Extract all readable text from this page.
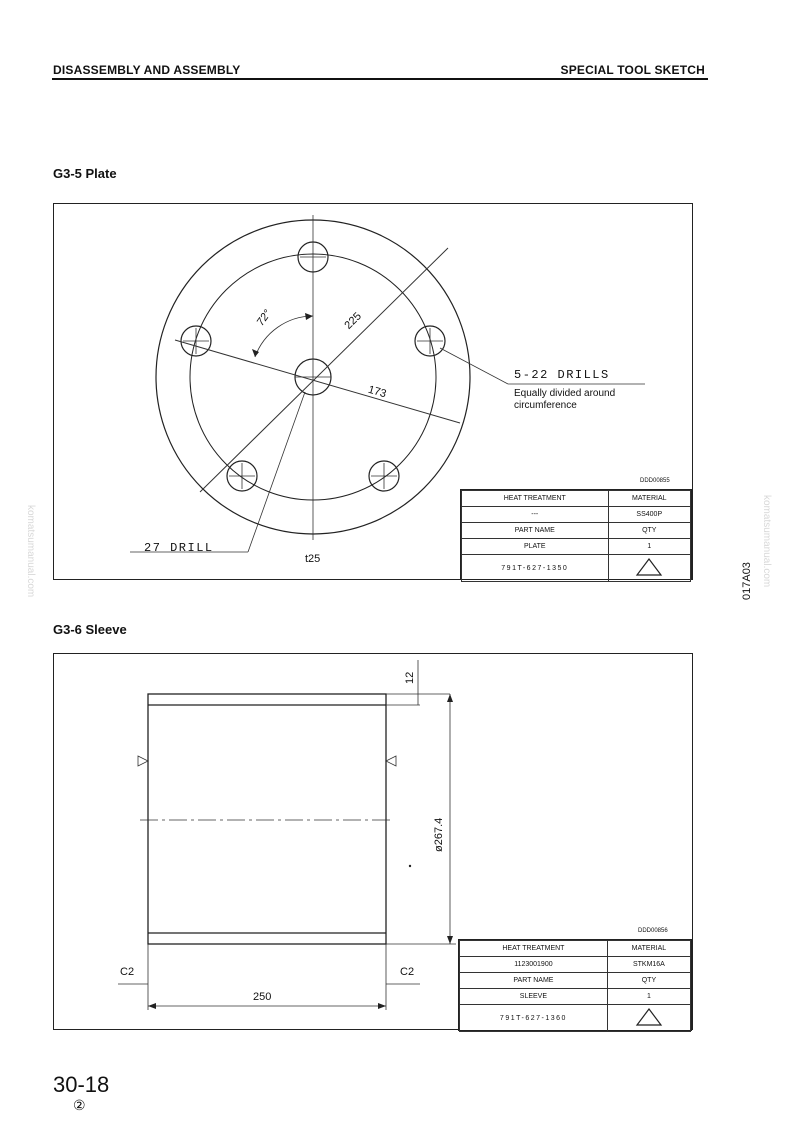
DISASSEMBLY AND ASSEMBLY	SPECIAL TOOL SKETCH
G3-5 Plate
72°	225
173
5-22 DRILLS
Equally divided around
circumference
27 DRILL
t25
DDD00855
HEAT TREATMENT	MATERIAL
---	SS400P
PART NAME	QTY
PLATE	1
791T-627-1350	
G3-6 Sleeve
12
ø267.4
C2	C2
250
DDD00856
HEAT TREATMENT	MATERIAL
1123001900	STKM16A
PART NAME	QTY
SLEEVE	1
791T-627-1360	
017A03 komatsumanual.com
komatsumanual.com
30-18
②
